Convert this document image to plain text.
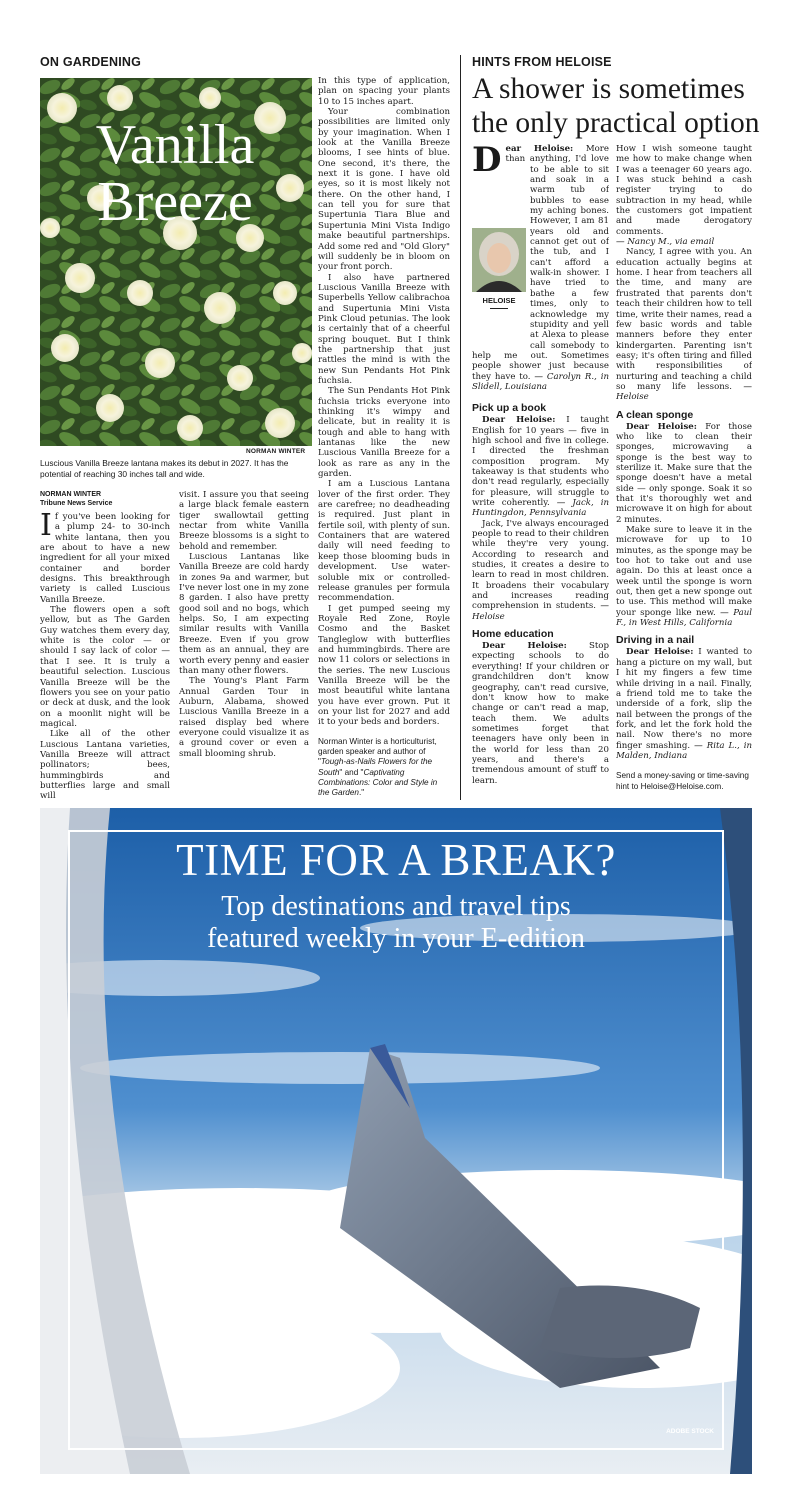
ON GARDENING
Vanilla
Breeze
NORMAN WINTER
Luscious Vanilla Breeze lantana makes its debut in 2027. It has the potential of reaching 30 inches tall and wide.
NORMAN WINTER
Tribune News Service

If you've been looking for a plump 24- to 30-inch white lantana, then you are about to have a new ingredient for all your mixed container and border designs. This breakthrough variety is called Luscious Vanilla Breeze.

The flowers open a soft yellow, but as The Garden Guy watches them every day, white is the color — or should I say lack of color — that I see. It is truly a beautiful selection. Luscious Vanilla Breeze will be the flowers you see on your patio or deck at dusk, and the look on a moonlit night will be magical.

Like all of the other Luscious Lantana varieties, Vanilla Breeze will attract pollinators; bees, hummingbirds and butterflies large and small will

visit. I assure you that seeing a large black female eastern tiger swallowtail getting nectar from white Vanilla Breeze blossoms is a sight to behold and remember.

Luscious Lantanas like Vanilla Breeze are cold hardy in zones 9a and warmer, but I've never lost one in my zone 8 garden. I also have pretty good soil and no bogs, which helps. So, I am expecting similar results with Vanilla Breeze. Even if you grow them as an annual, they are worth every penny and easier than many other flowers.

The Young's Plant Farm Annual Garden Tour in Auburn, Alabama, showed Luscious Vanilla Breeze in a raised display bed where everyone could visualize it as a ground cover or even a small blooming shrub.

In this type of application, plan on spacing your plants 10 to 15 inches apart.

Your combination possibilities are limited only by your imagination. When I look at the Vanilla Breeze blooms, I see hints of blue. One second, it's there, the next it is gone. I have old eyes, so it is most likely not there. On the other hand, I can tell you for sure that Supertunia Tiara Blue and Supertunia Mini Vista Indigo make beautiful partnerships. Add some red and "Old Glory" will suddenly be in bloom on your front porch.

I also have partnered Luscious Vanilla Breeze with Superbells Yellow calibrachoa and Supertunia Mini Vista Pink Cloud petunias. The look is certainly that of a cheerful spring bouquet. But I think the partnership that just rattles the mind is with the new Sun Pendants Hot Pink fuchsia.

The Sun Pendants Hot Pink fuchsia tricks everyone into thinking it's wimpy and delicate, but in reality it is tough and able to hang with lantanas like the new Luscious Vanilla Breeze for a look as rare as any in the garden.

I am a Luscious Lantana lover of the first order. They are carefree; no deadheading is required. Just plant in fertile soil, with plenty of sun. Containers that are watered daily will need feeding to keep those blooming buds in development. Use water-soluble mix or controlled-release granules per formula recommendation.

I get pumped seeing my Royale Red Zone, Royle Cosmo and the Basket Tangleglow with butterflies and hummingbirds. There are now 11 colors or selections in the series. The new Luscious Vanilla Breeze will be the most beautiful white lantana you have ever grown. Put it on your list for 2027 and add it to your beds and borders.

Norman Winter is a horticulturist, garden speaker and author of "Tough-as-Nails Flowers for the South" and "Captivating Combinations: Color and Style in the Garden."

HINTS FROM HELOISE
A shower is sometimes the only practical option

Dear Heloise: More than anything, I'd love to be able to sit and soak in a warm tub of bubbles to ease my aching bones. However, I am 81 years old and cannot get out of the tub, and I can't afford a walk-in shower. I have tried to bathe a few times, only to acknowledge my stupidity and yell at Alexa to please call somebody to help me out. Sometimes people shower just because they have to. — Carolyn R., in Slidell, Louisiana

Pick up a book

Dear Heloise: I taught English for 10 years — five in high school and five in college. I directed the freshman composition program. My takeaway is that students who don't read regularly, especially for pleasure, will struggle to write coherently. — Jack, in Huntingdon, Pennsylvania

Jack, I've always encouraged people to read to their children while they're very young. According to research and studies, it creates a desire to learn to read in most children. It broadens their vocabulary and increases reading comprehension in students. — Heloise

Home education

Dear Heloise:	Stop expecting schools to do everything! If your children or grandchildren don't know geography, can't read cursive, don't know how to make change or can't read a map, teach them. We adults sometimes forget that teenagers have only been in the world for less than 20 years, and there's a tremendous amount of stuff to learn.

HELOISE

How I wish someone taught me how to make change when I was a teenager 60 years ago. I was stuck behind a cash register trying to do subtraction in my head, while the customers got impatient and made derogatory comments.

— Nancy M., via email

Nancy, I agree with you. An education actually begins at home. I hear from teachers all the time, and many are frustrated that parents don't teach their children how to tell time, write their names, read a few basic words and table manners before they enter kindergarten. Parenting isn't easy; it's often tiring and filled with responsibilities of nurturing and teaching a child so many life lessons. — Heloise

A clean sponge

Dear Heloise: For those who like to clean their sponges, microwaving a sponge is the best way to sterilize it. Make sure that the sponge doesn't have a metal side — only sponge. Soak it so that it's thoroughly wet and microwave it on high for about 2 minutes.

Make sure to leave it in the microwave for up to 10 minutes, as the sponge may be too hot to take out and use again. Do this at least once a week until the sponge is worn out, then get a new sponge out to use. This method will make your sponge like new. — Paul F., in West Hills, California

Driving in a nail

Dear Heloise: I wanted to hang a picture on my wall, but I hit my fingers a few time while driving in a nail. Finally, a friend told me to take the underside of a fork, slip the nail between the prongs of the fork, and let the fork hold the nail. Now there's no more finger smashing. — Rita L., in Malden, Indiana

Send a money-saving or time-saving hint to Heloise@Heloise.com.

TIME FOR A BREAK?
Top destinations and travel tips
featured weekly in your E-edition
ADOBE STOCK
